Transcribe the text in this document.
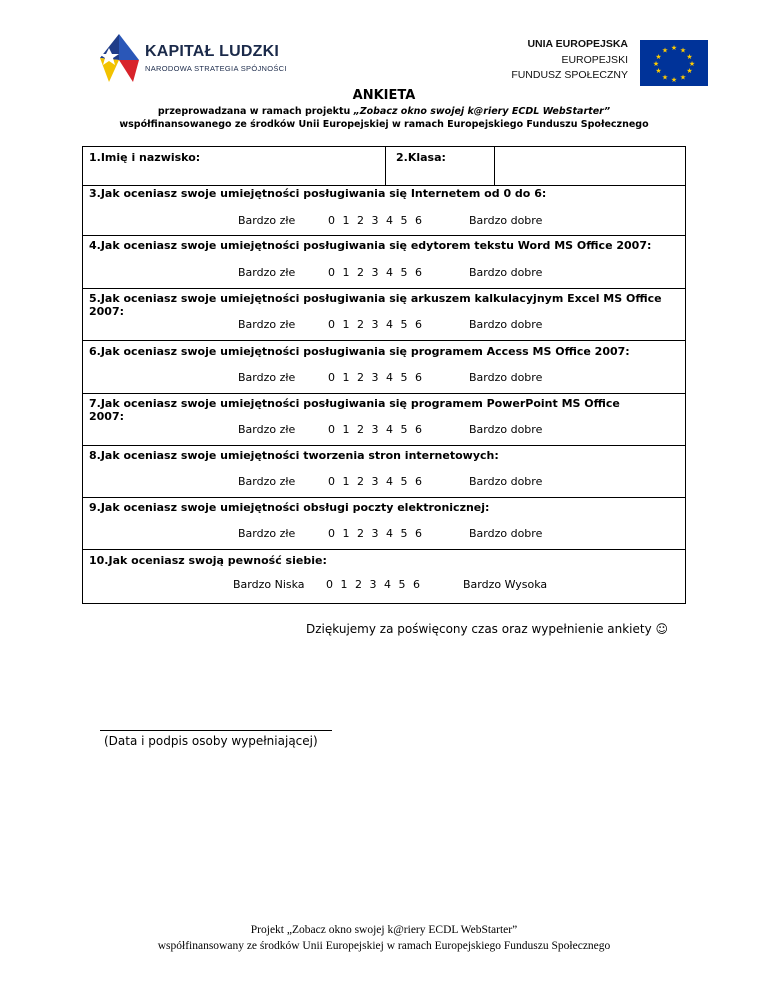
KAPITAŁ LUDZKI
NARODOWA STRATEGIA SPÓJNOŚCI
UNIA EUROPEJSKA
EUROPEJSKI
FUNDUSZ SPOŁECZNY
★ ★
★
★
★
★
★
★
★
★
★
★
ANKIETA
przeprowadzana w ramach projektu „Zobacz okno swojej k@riery ECDL WebStarter”
współfinansowanego ze środków Unii Europejskiej w ramach Europejskiego Funduszu Społecznego
1.Imię i nazwisko:	2.Klasa:
3.Jak oceniasz swoje umiejętności posługiwania się Internetem od 0 do 6:
Bardzo złe	0 1 2 3 4 5 6	Bardzo dobre
4.Jak oceniasz swoje umiejętności posługiwania się edytorem tekstu Word MS Office 2007:
Bardzo złe	0 1 2 3 4 5 6	Bardzo dobre
5.Jak oceniasz swoje umiejętności posługiwania się arkuszem kalkulacyjnym Excel MS Office
2007:
Bardzo złe	0 1 2 3 4 5 6	Bardzo dobre
6.Jak oceniasz swoje umiejętności posługiwania się programem Access MS Office 2007:
Bardzo złe	0 1 2 3 4 5 6	Bardzo dobre
7.Jak oceniasz swoje umiejętności posługiwania się programem PowerPoint MS Office
2007:
Bardzo złe	0 1 2 3 4 5 6	Bardzo dobre
8.Jak oceniasz swoje umiejętności tworzenia stron internetowych:
Bardzo złe	0 1 2 3 4 5 6	Bardzo dobre
9.Jak oceniasz swoje umiejętności obsługi poczty elektronicznej:
Bardzo złe	0 1 2 3 4 5 6	Bardzo dobre
10.Jak oceniasz swoją pewność siebie:
Bardzo Niska 0 1 2 3 4 5 6	Bardzo Wysoka
Dziękujemy za poświęcony czas oraz wypełnienie ankiety ☺
(Data i podpis osoby wypełniającej)
Projekt „Zobacz okno swojej k@riery ECDL WebStarter”
współfinansowany ze środków Unii Europejskiej w ramach Europejskiego Funduszu Społecznego
